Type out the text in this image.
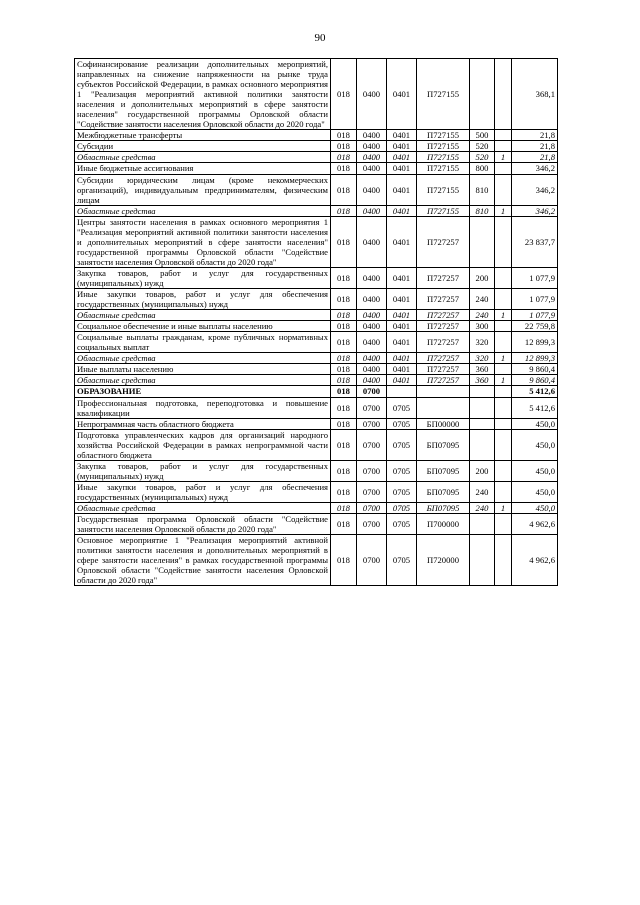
90
Софинансирование реализации дополнительных мероприятий, направленных на снижение напряженности на рынке труда субъектов Российской Федерации, в рамках основного мероприятия 1 "Реализация мероприятий активной политики занятости населения и дополнительных мероприятий в сфере занятости населения" государственной программы Орловской области "Содействие занятости населения Орловской области до 2020 года"	018	0400	0401	П727155			368,1
Межбюджетные трансферты	018	0400	0401	П727155	500		21,8
Субсидии	018	0400	0401	П727155	520		21,8
Областные средства	018	0400	0401	П727155	520	1	21,8
Иные бюджетные ассигнования	018	0400	0401	П727155	800		346,2
Субсидии юридическим лицам (кроме некоммерческих организаций), индивидуальным предпринимателям, физическим лицам	018	0400	0401	П727155	810		346,2
Областные средства	018	0400	0401	П727155	810	1	346,2
Центры занятости населения в рамках основного мероприятия 1 "Реализация мероприятий активной политики занятости населения и дополнительных мероприятий в сфере занятости населения" государственной программы Орловской области "Содействие занятости населения Орловской области до 2020 года"	018	0400	0401	П727257			23 837,7
Закупка товаров, работ и услуг для государственных (муниципальных) нужд	018	0400	0401	П727257	200		1 077,9
Иные закупки товаров, работ и услуг для обеспечения государственных (муниципальных) нужд	018	0400	0401	П727257	240		1 077,9
Областные средства	018	0400	0401	П727257	240	1	1 077,9
Социальное обеспечение и иные выплаты населению	018	0400	0401	П727257	300		22 759,8
Социальные выплаты гражданам, кроме публичных нормативных социальных выплат	018	0400	0401	П727257	320		12 899,3
Областные средства	018	0400	0401	П727257	320	1	12 899,3
Иные выплаты населению	018	0400	0401	П727257	360		9 860,4
Областные средства	018	0400	0401	П727257	360	1	9 860,4
ОБРАЗОВАНИЕ	018	0700					5 412,6
Профессиональная подготовка, переподготовка и повышение квалификации	018	0700	0705				5 412,6
Непрограммная часть областного бюджета	018	0700	0705	БП00000			450,0
Подготовка управленческих кадров для организаций народного хозяйства Российской Федерации в рамках непрограммной части областного бюджета	018	0700	0705	БП07095			450,0
Закупка товаров, работ и услуг для государственных (муниципальных) нужд	018	0700	0705	БП07095	200		450,0
Иные закупки товаров, работ и услуг для обеспечения государственных (муниципальных) нужд	018	0700	0705	БП07095	240		450,0
Областные средства	018	0700	0705	БП07095	240	1	450,0
Государственная программа Орловской области "Содействие занятости населения Орловской области до 2020 года"	018	0700	0705	П700000			4 962,6
Основное мероприятие 1 "Реализация мероприятий активной политики занятости населения и дополнительных мероприятий в сфере занятости населения" в рамках государственной программы Орловской области "Содействие занятости населения Орловской области до 2020 года"	018	0700	0705	П720000			4 962,6
